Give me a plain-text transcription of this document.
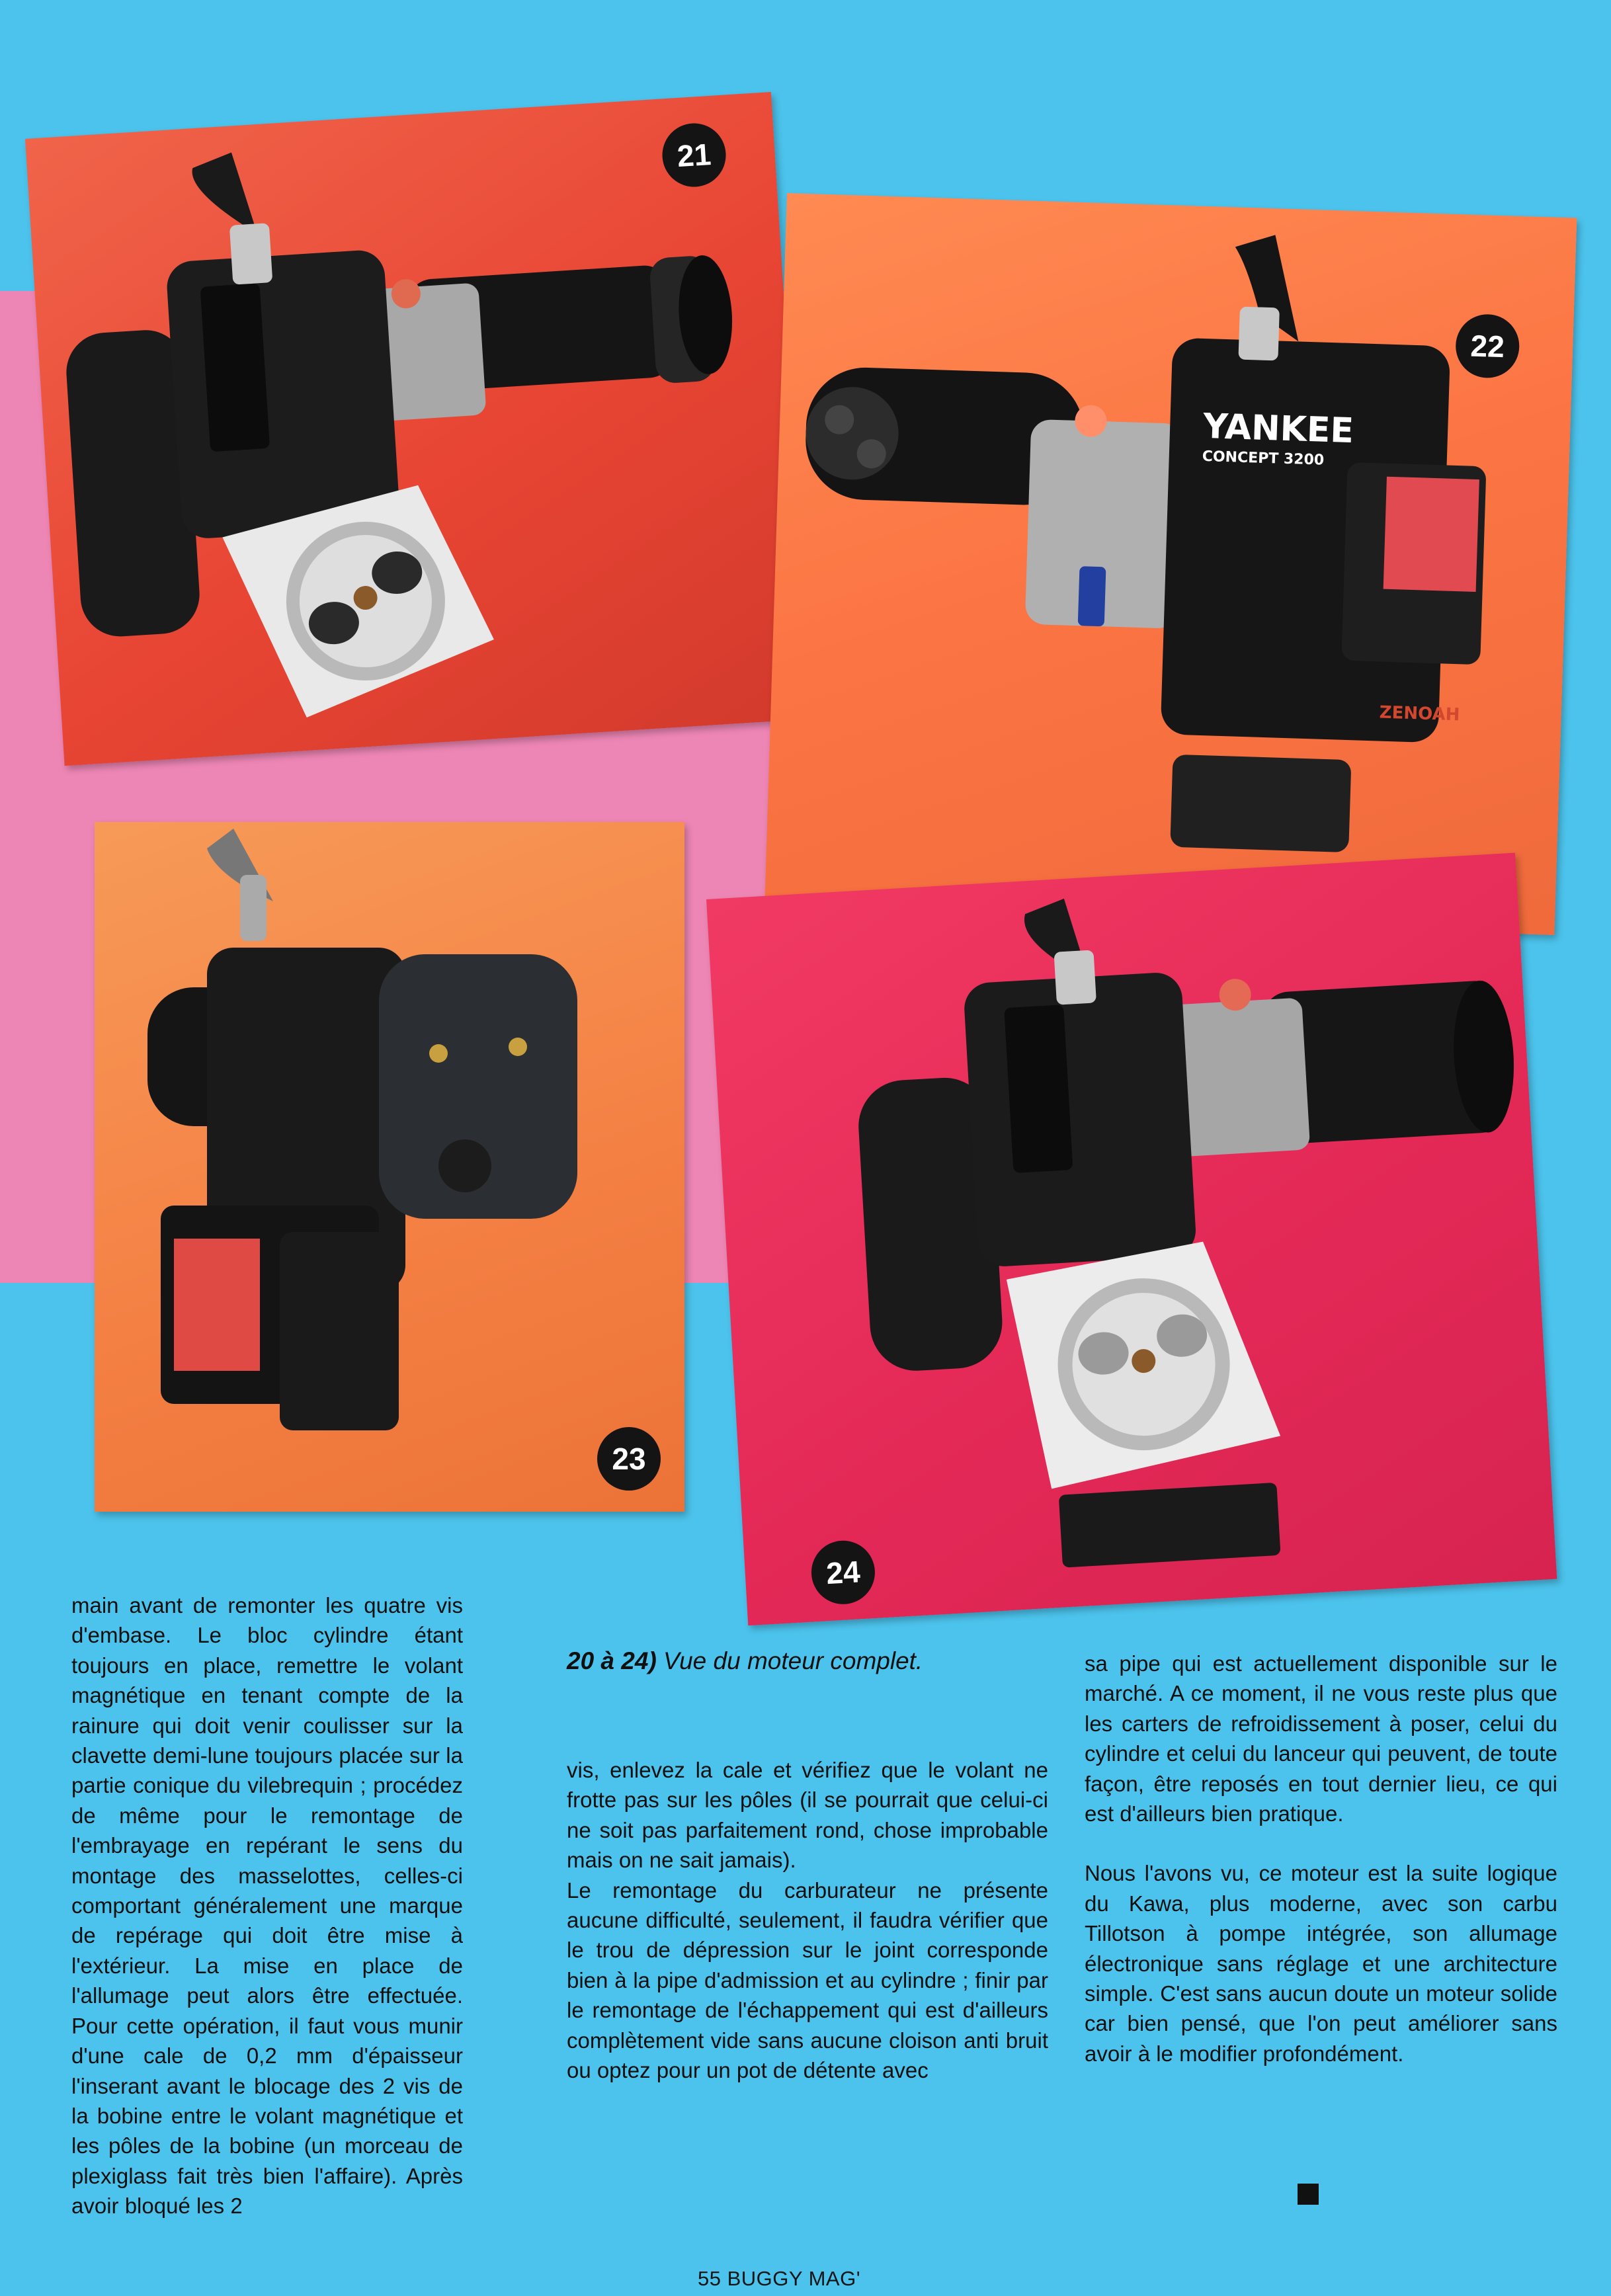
21
YANKEE
CONCEPT 3200
ZENOAH
22
23
24

main avant de remonter les quatre vis d'embase. Le bloc cylindre étant toujours en place, remettre le volant magnétique en tenant compte de la rainure qui doit venir coulisser sur la clavette demi-lune toujours placée sur la partie conique du vilebrequin ; procédez de même pour le remontage de l'embrayage en repérant le sens du montage des masselottes, celles-ci comportant généralement une marque de repérage qui doit être mise à l'extérieur. La mise en place de l'allumage peut alors être effectuée. Pour cette opération, il faut vous munir d'une cale de 0,2 mm d'épaisseur l'inserant avant le blocage des 2 vis de la bobine entre le volant magnétique et les pôles de la bobine (un morceau de plexiglass fait très bien l'affaire). Après avoir bloqué les 2

20 à 24) Vue du moteur complet.

vis, enlevez la cale et vérifiez que le volant ne frotte pas sur les pôles (il se pourrait que celui-ci ne soit pas parfaitement rond, chose improbable mais on ne sait jamais).

Le remontage du carburateur ne présente aucune difficulté, seulement, il faudra vérifier que le trou de dépression sur le joint corresponde bien à la pipe d'admission et au cylindre ; finir par le remontage de l'échappement qui est d'ailleurs complètement vide sans aucune cloison anti bruit ou optez pour un pot de détente avec

sa pipe qui est actuellement disponible sur le marché. A ce moment, il ne vous reste plus que les carters de refroidissement à poser, celui du cylindre et celui du lanceur qui peuvent, de toute façon, être reposés en tout dernier lieu, ce qui est d'ailleurs bien pratique.

Nous l'avons vu, ce moteur est la suite logique du Kawa, plus moderne, avec son carbu Tillotson à pompe intégrée, son allumage électronique sans réglage et une architecture simple. C'est sans aucun doute un moteur solide car bien pensé, que l'on peut améliorer sans avoir à le modifier profondément.

55 BUGGY MAG'
